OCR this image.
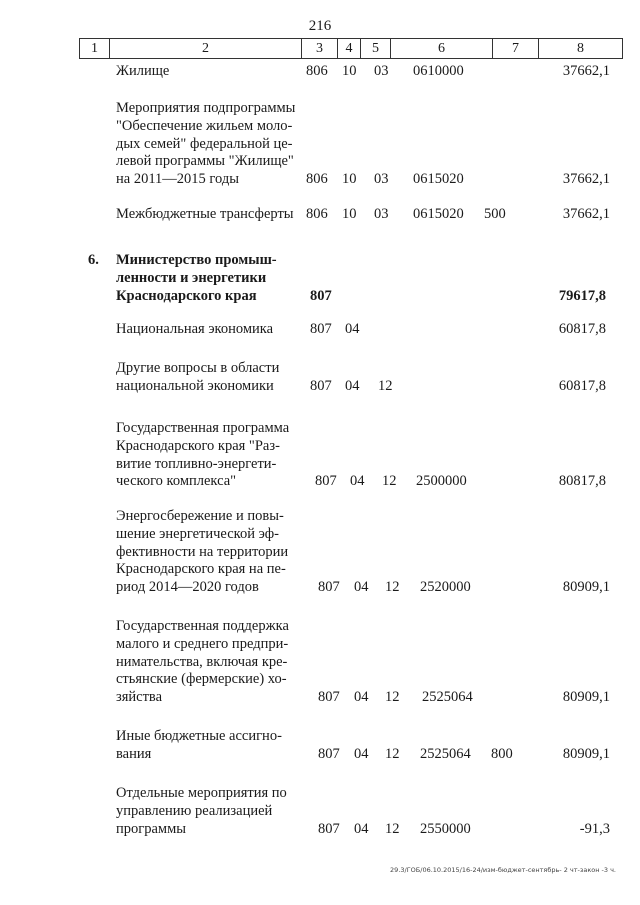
216
1	2	3	4	5	6	7	8
Жилище	806 10 03 0610000	37662,1
Мероприятия подпрограммы
"Обеспечение жильем моло-
дых семей" федеральной це-
левой программы "Жилище"
на 2011—2015 годы	806 10 03 0615020	37662,1
Межбюджетные трансферты 806 10 03 0615020 500	37662,1
6. Министерство промыш-
ленности и энергетики
Краснодарского края	807	79617,8
Национальная экономика	807 04	60817,8
Другие вопросы в области
национальной экономики	807 04 12	60817,8
Государственная программа
Краснодарского края "Раз-
витие топливно-энергети-
ческого комплекса"	807 04 12 2500000	80817,8
Энергосбережение и повы-
шение энергетической эф-
фективности на территории
Краснодарского края на пе-
риод 2014—2020 годов	807 04 12 2520000	80909,1
Государственная поддержка
малого и среднего предпри-
нимательства, включая кре-
стьянские (фермерские) хо-
зяйства	807 04 12 2525064	80909,1
Иные бюджетные ассигно-
вания	807 04 12 2525064 800	80909,1
Отдельные мероприятия по
управлению реализацией
программы	807 04 12 2550000	-91,3
29.3/ГОБ/06.10.2015/16-24/изм-бюджет-сентябрь- 2 чт-закон -3 ч.
